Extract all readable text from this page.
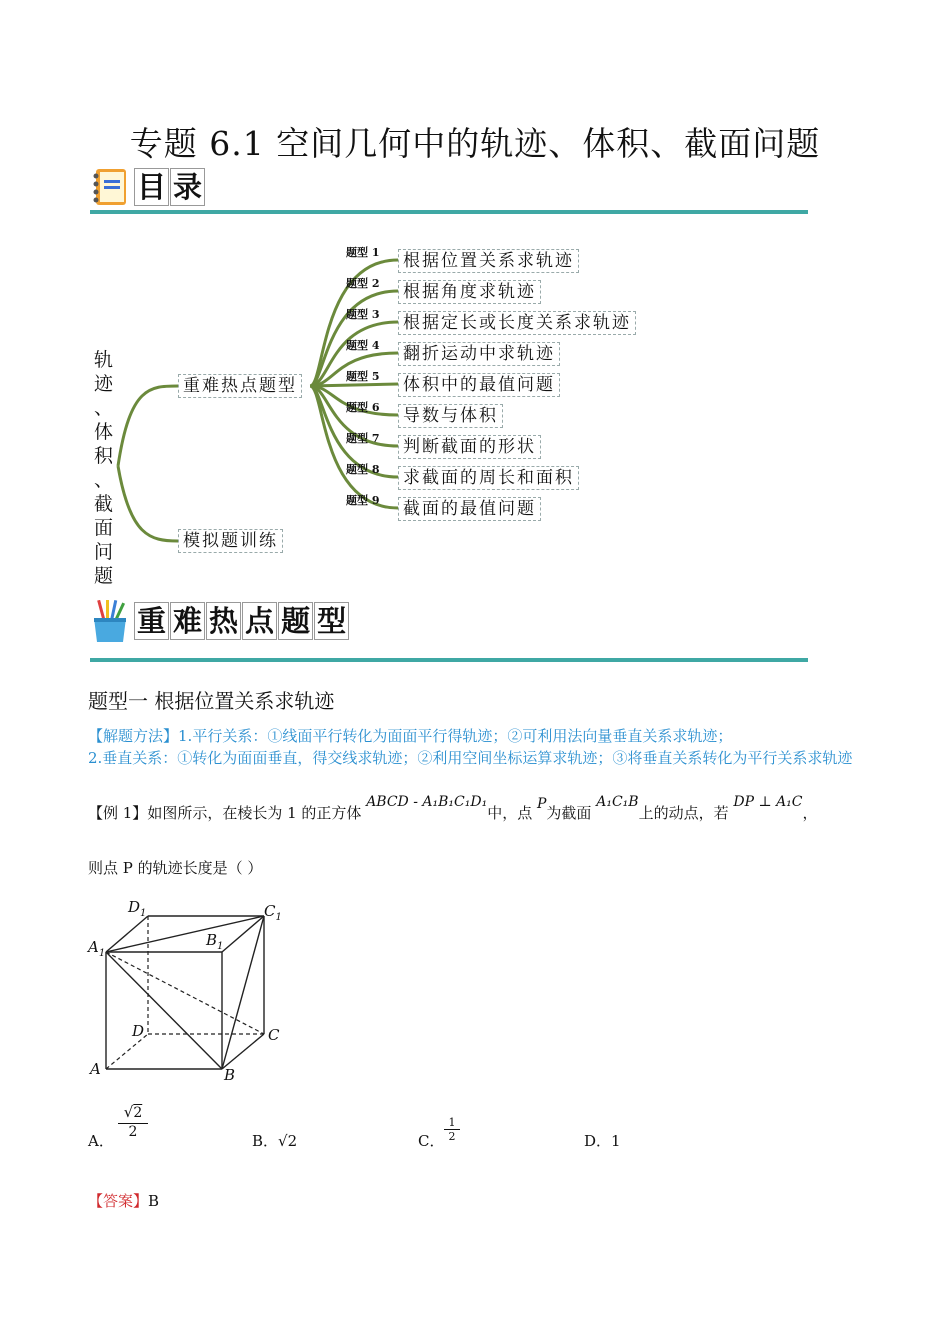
专题 6.1 空间几何中的轨迹、体积、截面问题
目 录
轨
迹
、
体
积
、
截
面
问
题
重难热点题型
模拟题训练
题型 1 根据位置关系求轨迹
题型 2 根据角度求轨迹
题型 3 根据定长或长度关系求轨迹
题型 4 翻折运动中求轨迹
题型 5 体积中的最值问题
题型 6 导数与体积
题型 7 判断截面的形状
题型 8 求截面的周长和面积
题型 9 截面的最值问题
重 难 热 点 题 型
题型一 根据位置关系求轨迹
【解题方法】1.平行关系：①线面平行转化为面面平行得轨迹；②可利用法向量垂直关系求轨迹；
2.垂直关系：①转化为面面垂直，得交线求轨迹；②利用空间坐标运算求轨迹；③将垂直关系转化为平行关系求轨迹
【例 1】如图所示，在棱长为 1 的正方体 ABCD - A₁B₁C₁D₁中，点 P为截面 A₁C₁B上的动点，若 DP ⊥ A₁C，
则点 P 的轨迹长度是（ ）
$D_1$	$C_1$
$A_1$
$B_1$
D	C
A	B
A．
√2
2	B．√2	C．
1
2	D．1
【答案】B
